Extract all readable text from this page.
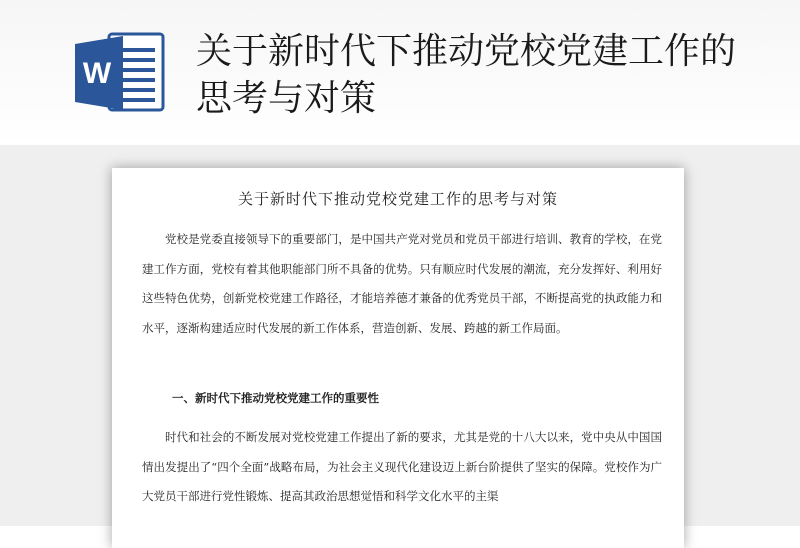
W
关于新时代下推动党校党建工作的思考与对策
关于新时代下推动党校党建工作的思考与对策

党校是党委直接领导下的重要部门，是中国共产党对党员和党员干部进行培训、教育的学校，在党建工作方面，党校有着其他职能部门所不具备的优势。只有顺应时代发展的潮流，充分发挥好、利用好这些特色优势，创新党校党建工作路径，才能培养德才兼备的优秀党员干部，不断提高党的执政能力和水平，逐渐构建适应时代发展的新工作体系，营造创新、发展、跨越的新工作局面。

一、新时代下推动党校党建工作的重要性

时代和社会的不断发展对党校党建工作提出了新的要求，尤其是党的十八大以来，党中央从中国国情出发提出了“四个全面”战略布局，为社会主义现代化建设迈上新台阶提供了坚实的保障。党校作为广大党员干部进行党性锻炼、提高其政治思想觉悟和科学文化水平的主渠
